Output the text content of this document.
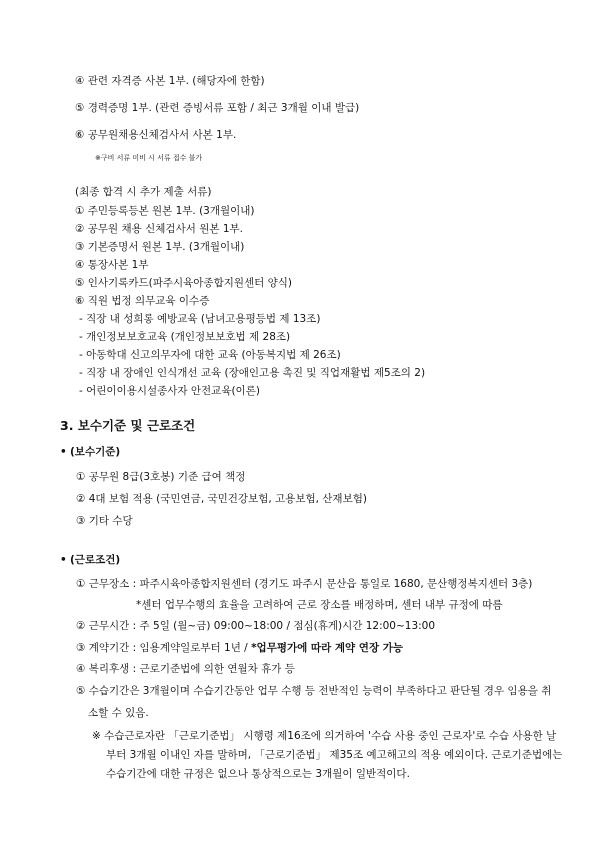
④ 관련 자격증 사본 1부. (해당자에 한함)
⑤ 경력증명 1부. (관련 증빙서류 포함 / 최근 3개월 이내 발급)
⑥ 공무원채용신체검사서 사본 1부.
※구비 서류 미비 시 서류 접수 불가
(최종 합격 시 추가 제출 서류)
① 주민등록등본 원본 1부. (3개월이내)
② 공무원 채용 신체검사서 원본 1부.
③ 기본증명서 원본 1부. (3개월이내)
④ 통장사본 1부
⑤ 인사기록카드(파주시육아종합지원센터 양식)
⑥ 직원 법정 의무교육 이수증
- 직장 내 성희롱 예방교육 (남녀고용평등법 제 13조)
- 개인정보보호교육 (개인정보보호법 제 28조)
- 아동학대 신고의무자에 대한 교육 (아동복지법 제 26조)
- 직장 내 장애인 인식개선 교육 (장애인고용 촉진 및 직업재활법 제5조의 2)
- 어린이이용시설종사자 안전교육(이론)
3. 보수기준 및 근로조건
• (보수기준)
① 공무원 8급(3호봉) 기준 급여 책정
② 4대 보험 적용 (국민연금, 국민건강보험, 고용보험, 산재보험)
③ 기타 수당
• (근로조건)
① 근무장소 : 파주시육아종합지원센터 (경기도 파주시 문산읍 통일로 1680, 문산행정복지센터 3층)
*센터 업무수행의 효율을 고려하여 근로 장소를 배정하며, 센터 내부 규정에 따름
② 근무시간 : 주 5일 (월~금) 09:00~18:00 / 점심(휴게)시간 12:00~13:00
③ 계약기간 : 임용계약일로부터 1년 / *업무평가에 따라 계약 연장 가능
④ 복리후생 : 근로기준법에 의한 연월차 휴가 등
⑤ 수습기간은 3개월이며 수습기간동안 업무 수행 등 전반적인 능력이 부족하다고 판단될 경우 임용을 취
소할 수 있음.
※ 수습근로자란 「근로기준법」 시행령 제16조에 의거하여 '수습 사용 중인 근로자'로 수습 사용한 날
부터 3개월 이내인 자를 말하며, 「근로기준법」 제35조 예고해고의 적용 예외이다. 근로기준법에는
수습기간에 대한 규정은 없으나 통상적으로는 3개월이 일반적이다.
